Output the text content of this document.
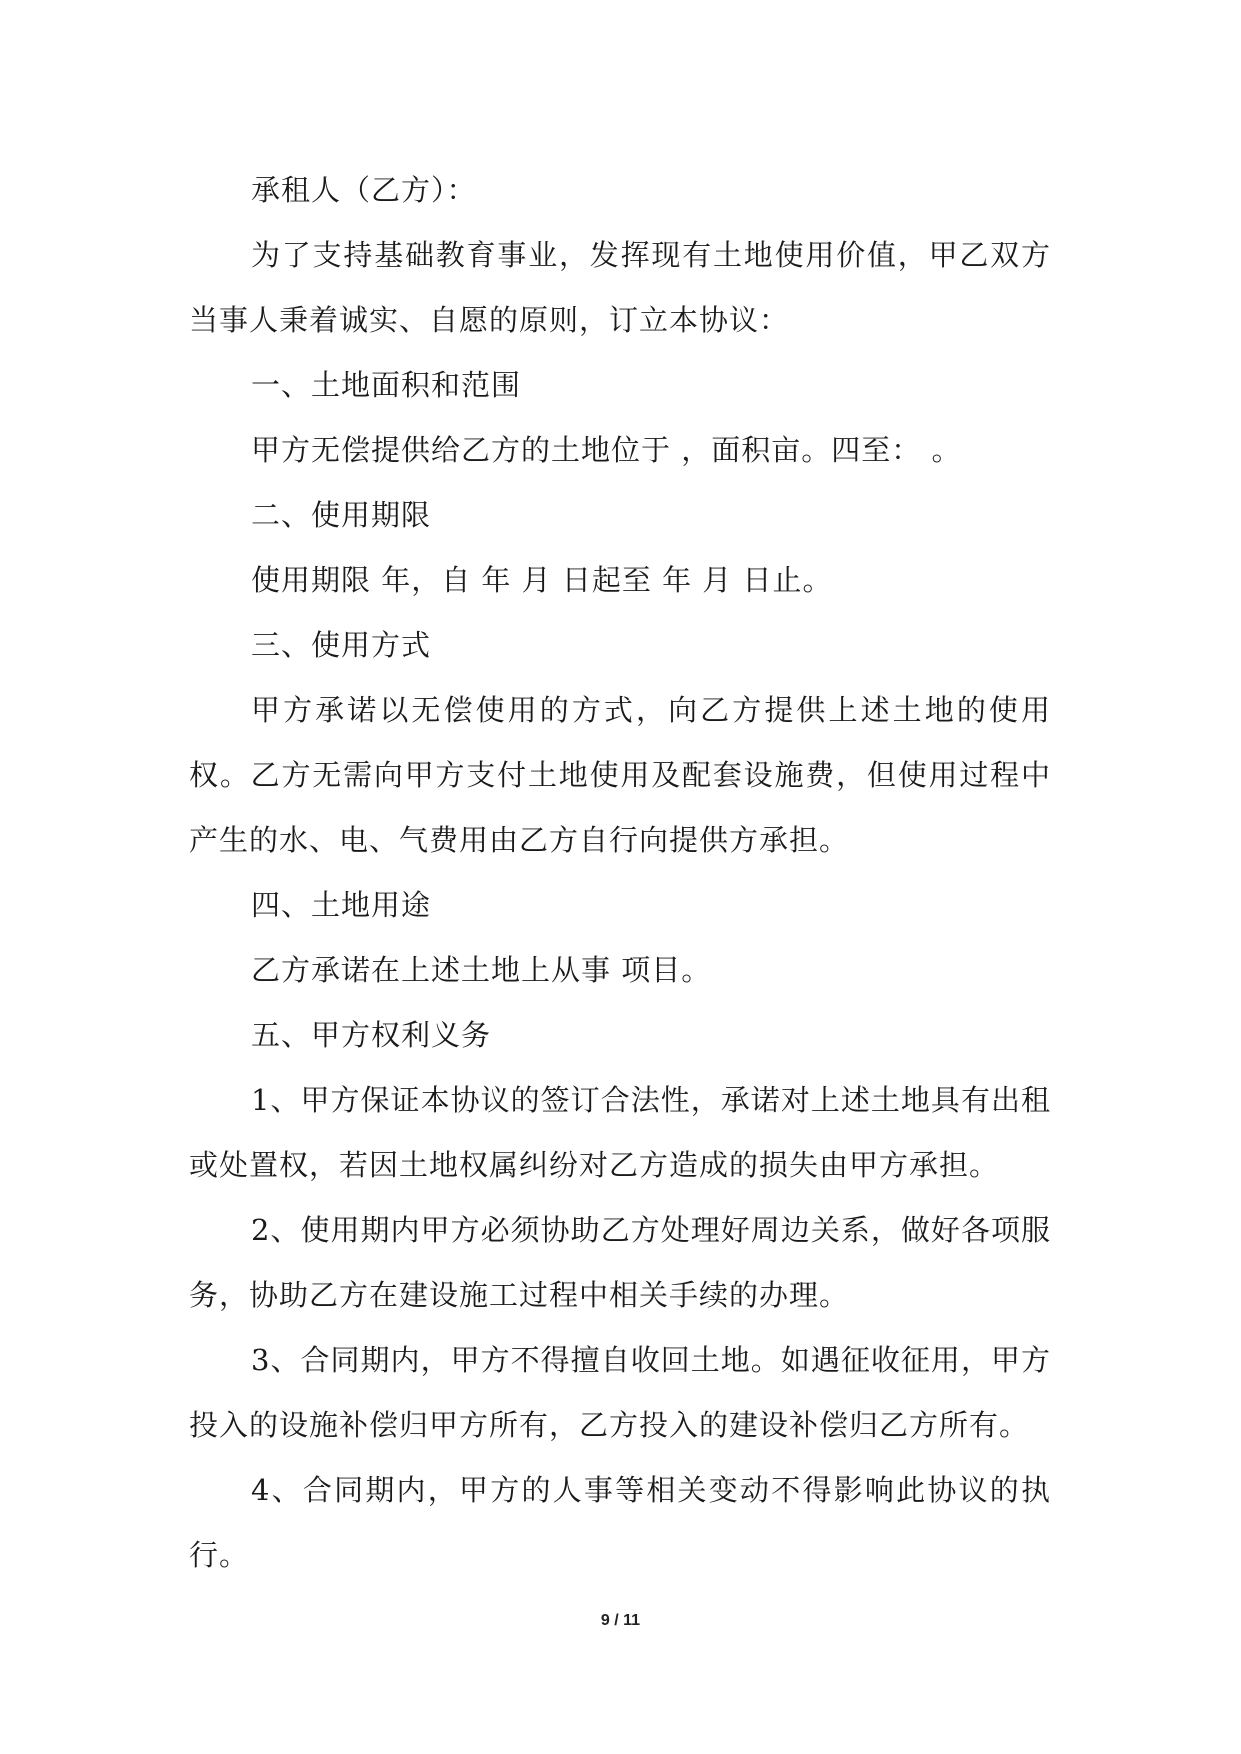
承租人（乙方）：

为了支持基础教育事业，发挥现有土地使用价值，甲乙双方当事人秉着诚实、自愿的原则，订立本协议：

一、土地面积和范围

甲方无偿提供给乙方的土地位于 ，面积亩。四至： 。

二、使用期限

使用期限 年，自 年 月 日起至 年 月 日止。

三、使用方式

甲方承诺以无偿使用的方式，向乙方提供上述土地的使用权。乙方无需向甲方支付土地使用及配套设施费，但使用过程中产生的水、电、气费用由乙方自行向提供方承担。

四、土地用途

乙方承诺在上述土地上从事 项目。

五、甲方权利义务

1、甲方保证本协议的签订合法性，承诺对上述土地具有出租或处置权，若因土地权属纠纷对乙方造成的损失由甲方承担。

2、使用期内甲方必须协助乙方处理好周边关系，做好各项服务，协助乙方在建设施工过程中相关手续的办理。

3、合同期内，甲方不得擅自收回土地。如遇征收征用，甲方投入的设施补偿归甲方所有，乙方投入的建设补偿归乙方所有。

4、合同期内，甲方的人事等相关变动不得影响此协议的执行。

9 / 11
